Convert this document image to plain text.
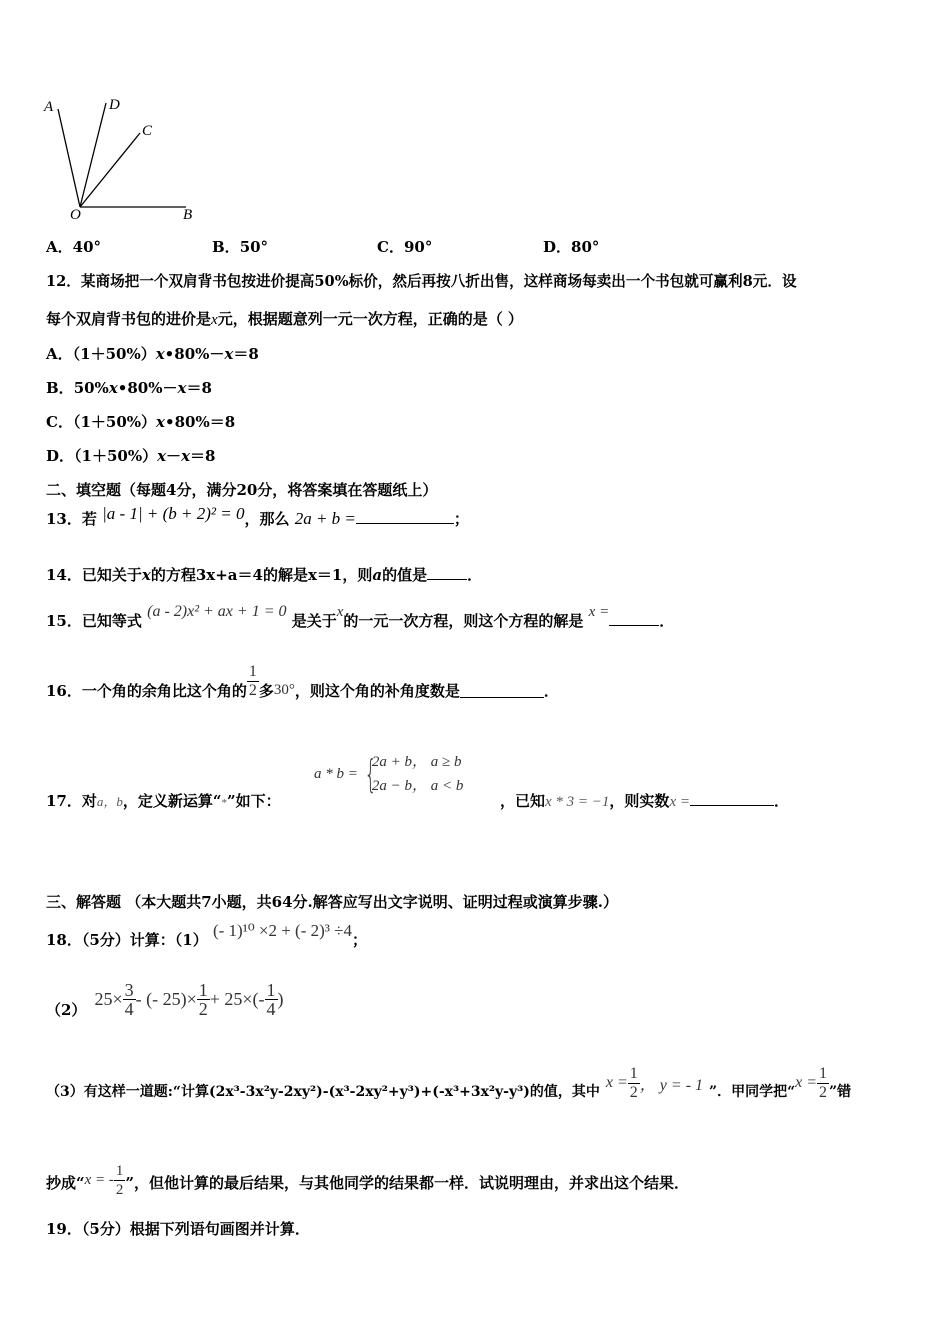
A	D
C
O	B
A．40°	B．50°	C．90°	D．80°
12．某商场把一个双肩背书包按进价提高50%标价，然后再按八折出售，这样商场每卖出一个书包就可赢利8元．设
每个双肩背书包的进价是x元，根据题意列一元一次方程，正确的是（ ）
A．（1＋50%）x•80%－x＝8
B．50%x•80%－x＝8
C．（1＋50%）x•80%＝8
D．（1＋50%）x－x＝8
二、填空题（每题4分，满分20分，将答案填在答题纸上）
13．若 |a - 1| + (b + 2)² = 0，那么 2a + b =	；
14．已知关于x的方程3x+a＝4的解是x＝1，则a的值是	．
15．已知等式 (a - 2)x² + ax + 1 = 0 是关于x的一元一次方程，则这个方程的解是 x =	．
16．一个角的余角比这个角的 $\frac{1}{2}$ 多 30° ，则这个角的补角度数是	．
17．对a，b，定义新运算“*”如下：
a * b = {
2a + b， a ≥ b
2a − b， a < b
，已知x * 3 = −1，则实数x =	．
三、解答题 （本大题共7小题，共64分.解答应写出文字说明、证明过程或演算步骤.）
18．（5分）计算：（1） (- 1)¹⁰ ×2 + (- 2)³ ÷4；
（2）
$25\times \frac{3}{4}$ - (- $25)\times \frac{1}{2} + 25\times(- \frac{1}{4}$ )
（3）有这样一道题:“计算(2x³-3x²y-2xy²)-(x³-2xy²+y³)+(-x³+3x²y-y³)的值，其中
$x = \frac{1}{2}$ ， y = - 1 ”．甲同学把“
$x = \frac{1}{2}$ ”错
抄成“ x = - $\frac{1}{2}$ ”，但他计算的最后结果，与其他同学的结果都一样．试说明理由，并求出这个结果．
19．（5分）根据下列语句画图并计算．
